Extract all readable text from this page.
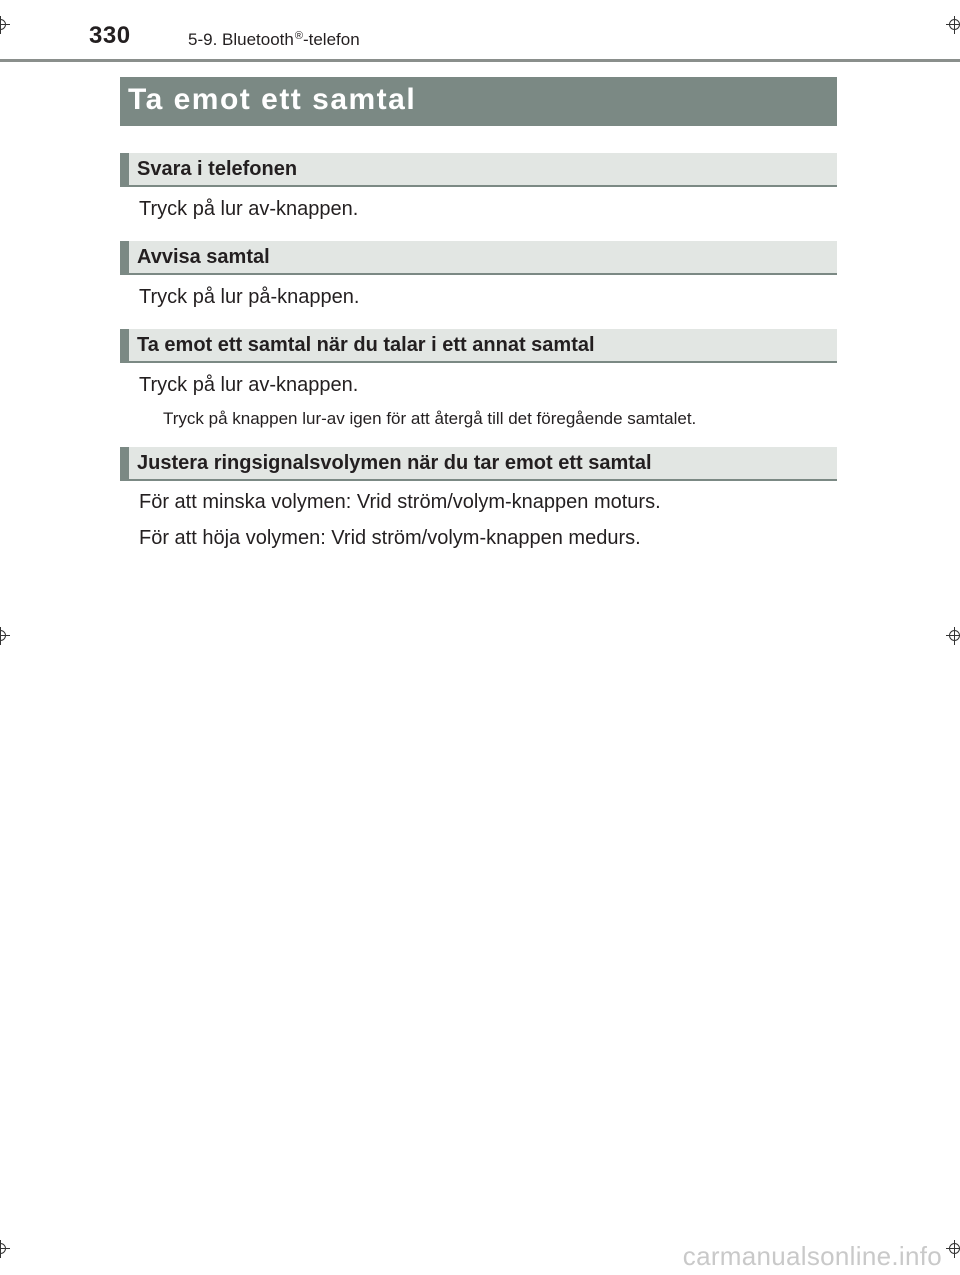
330	5-9. Bluetooth®-telefon
Ta emot ett samtal
Svara i telefonen
Tryck på lur av-knappen.
Avvisa samtal
Tryck på lur på-knappen.
Ta emot ett samtal när du talar i ett annat samtal
Tryck på lur av-knappen.
Tryck på knappen lur-av igen för att återgå till det föregående samtalet.
Justera ringsignalsvolymen när du tar emot ett samtal
För att minska volymen: Vrid ström/volym-knappen moturs.
För att höja volymen: Vrid ström/volym-knappen medurs.
carmanualsonline.info
